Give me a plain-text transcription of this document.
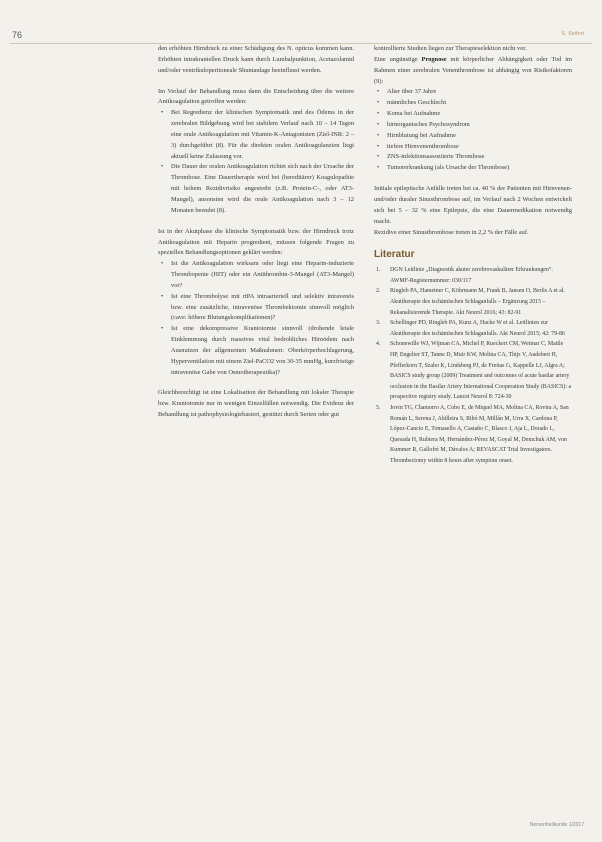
76	S. Seifert

den erhöhten Hirndruck zu einer Schädigung des N. opticus kommen kann. Erhöhten intrakraniellen Druck kann durch Lumbalpunktion, Acetazolamid und/oder ventrikuloperitoneale Shuntanlage beeinflusst werden.

Im Verlauf der Behandlung muss dann die Entscheidung über die weitere Antikoagulation getroffen werden:

• Bei Regredienz der klinischen Symptomatik und des Ödems in der zerebralen Bildgebung wird bei stabilem Verlauf nach 10 – 14 Tagen eine orale Antikoagulation mit Vitamin-K-Antagonisten (Ziel-INR: 2 – 3) durchgeführt (8). Für die direkten oralen Antikoagulanzien liegt aktuell keine Zulassung vor.
• Die Dauer der oralen Antikoagulation richtet sich nach der Ursache der Thrombose. Eine Dauertherapie wird bei (hereditärer) Koagulopathie mit hohem Rezidivrisiko angestrebt (z.B. Protein-C-, oder AT3-Mangel), ansonsten wird die orale Antikoagulation nach 3 – 12 Monaten beendet (8).

Ist in der Akutphase die klinische Symptomatik bzw. der Hirndruck trotz Antikoagulation mit Heparin progredient, müssen folgende Fragen zu speziellen Behandlungsoptionen geklärt werden:

• Ist die Antikoagulation wirksam oder liegt eine Heparin-induzierte Thrombopenie (HIT) oder ein Antithrombin-3-Mangel (AT3-Mangel) vor?
• Ist eine Thrombolyse mit rtPA intraarteriell und selektiv intravenös bzw. eine zusätzliche, intravenöse Thrombektomie sinnvoll möglich (cave: höhere Blutungskomplikationen)?
• Ist eine dekompressive Kraniotomie sinnvoll (drohende letale Einklemmung durch massives vital bedrohliches Hirnödem nach Ausnutzen der allgemeinen Maßnahmen: Oberkörperhochlagerung, Hyperventilation mit einem Ziel-PaCO2 von 30-35 mmHg, kurzfristige intravenöse Gabe von Osmotherapeutika)?

Gleichberechtigt ist eine Lokalisation der Behandlung mit lokaler Therapie bzw. Kraniotomie nur in wenigen Einzelfällen notwendig. Die Evidenz der Behandlung ist pathophysiologiebasiert, gestützt durch Serien oder gut

kontrollierte Studien liegen zur Therapieselektion nicht vor.

Eine ungünstige Prognose mit körperlicher Abhängigkeit oder Tod im Rahmen einer zerebralen Venenthrombose ist abhängig von Risikofaktoren (9):

• Alter über 37 Jahre
• männliches Geschlecht
• Koma bei Aufnahme
• hirnorganisches Psychosyndrom
• Hirnblutung bei Aufnahme
• tiefere Hirnvenenthrombose
• ZNS-infektionsassoziierte Thrombose
• Tumorerkrankung (als Ursache der Thrombose)

Initiale epileptische Anfälle treten bei ca. 40 % der Patienten mit Hirnvenen- und/oder duraler Sinusthrombose auf, im Verlauf nach 2 Wochen entwickelt sich bei 5 – 32 % eine Epilepsie, die eine Dauermedikation notwendig macht.

Rezidive einer Sinusthrombose treten in 2,2 % der Fälle auf.

Literatur
1. DGN Leitlinie „Diagnostik akuter zerebrovaskulärer Erkrankungen“. AWMF-Registernummer: 030/117
2. Ringleb PA, Hametner C, Köhrmann M, Frank B, Jansen O, Berlis A et al. Akuttherapie des ischämischen Schlaganfalls – Ergänzung 2015 – Rekanalisierende Therapie. Akt Neurol 2016; 43: 82-91
3. Schellinger PD, Ringleb PA, Kunz A, Hacke W et al. Leitlinien zur Akuttherapie des ischämischen Schlaganfalls. Akt Neurol 2015; 42: 79-86
4. Schonewille WJ, Wijman CA, Michel P, Rueckert CM, Weimar C, Mattle HP, Engelter ST, Tanne D, Muir KW, Molina CA, Thijs V, Audebert H, Pfefferkorn T, Szabo K, Lindsberg PJ, de Freitas G, Kappelle LJ, Algra A; BASICS study group (2009) Treatment and outcomes of acute basilar artery occlusion in the Basilar Artery International Cooperation Study (BASICS): a prospective registry study. Lancet Neurol 8: 724-30
5. Jovin TG, Chamorro A, Cobo E, de Miquel MA, Molina CA, Rovira A, San Román L, Serena J, Abilleira S, Ribó M, Millán M, Urra X, Cardona P, López-Cancio E, Tomasello A, Castaño C, Blasco J, Aja L, Dorado L, Quesada H, Rubiera M, Hernández-Pérez M, Goyal M, Demchuk AM, von Kummer R, Gallofré M, Dávalos A; REVASCAT Trial Investigators. Thrombectomy within 8 hours after symptom onset.
Nervenheilkunde 1/2017
